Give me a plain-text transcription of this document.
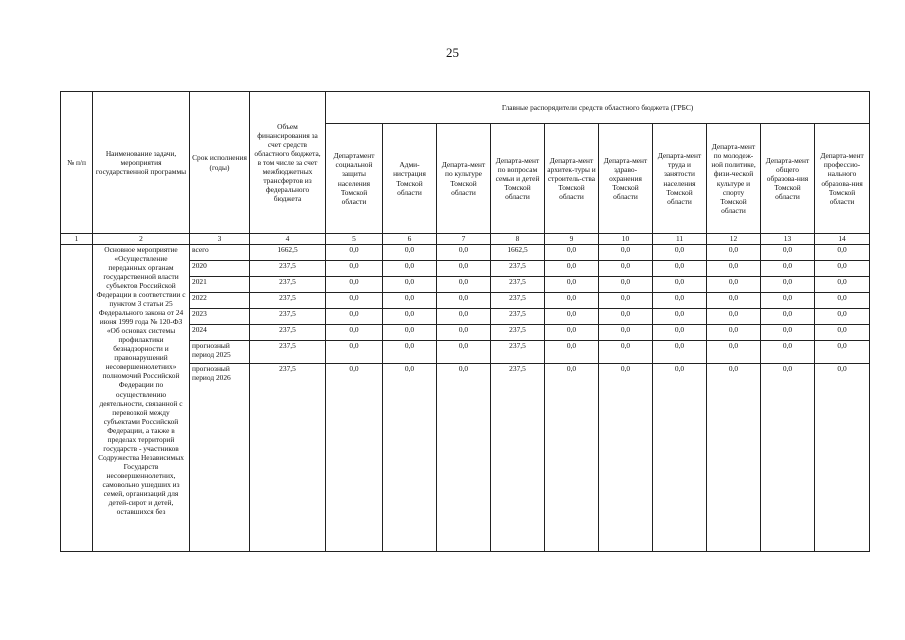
25
№ п/п	Наименование задачи, мероприятия государственной программы	Срок исполнения (годы)	Объем финансирования за счет средств областного бюджета, в том числе за счет межбюджетных трансфертов из федерального бюджета	Главные распорядители средств областного бюджета (ГРБС)									
				Департамент социальной защиты населения Томской области	Адми-нистрация Томской области	Департа-мент по культуре Томской области	Департа-мент по вопросам семьи и детей Томской области	Департа-мент архитек-туры и строитель-ства Томской области	Департа-мент здраво-охранения Томской области	Департа-мент труда и занятости населения Томской области	Департа-мент по молодеж-ной политике, физи-ческой культуре и спорту Томской области	Департа-мент общего образова-ния Томской области	Департа-мент профессио-нального образова-ния Томской области
1	2	3	4	5	6	7	8	9	10	11	12	13	14
	Основное мероприятие «Осуществление переданных органам государственной власти субъектов Российской Федерации в соответствии с пунктом 3 статьи 25 Федерального закона от 24 июня 1999 года № 120-ФЗ «Об основах системы профилактики безнадзорности и правонарушений несовершеннолетних» полномочий Российской Федерации по осуществлению деятельности, связанной с перевозкой между субъектами Российской Федерации, а также в пределах территорий государств - участников Содружества Независимых Государств несовершеннолетних, самовольно ушедших из семей, организаций для детей-сирот и детей, оставшихся без	всего	1662,5	0,0	0,0	0,0	1662,5	0,0	0,0	0,0	0,0	0,0	0,0
		2020	237,5	0,0	0,0	0,0	237,5	0,0	0,0	0,0	0,0	0,0	0,0
		2021	237,5	0,0	0,0	0,0	237,5	0,0	0,0	0,0	0,0	0,0	0,0
		2022	237,5	0,0	0,0	0,0	237,5	0,0	0,0	0,0	0,0	0,0	0,0
		2023	237,5	0,0	0,0	0,0	237,5	0,0	0,0	0,0	0,0	0,0	0,0
		2024	237,5	0,0	0,0	0,0	237,5	0,0	0,0	0,0	0,0	0,0	0,0
		прогнозный период 2025	237,5	0,0	0,0	0,0	237,5	0,0	0,0	0,0	0,0	0,0	0,0
		прогнозный период 2026	237,5	0,0	0,0	0,0	237,5	0,0	0,0	0,0	0,0	0,0	0,0
